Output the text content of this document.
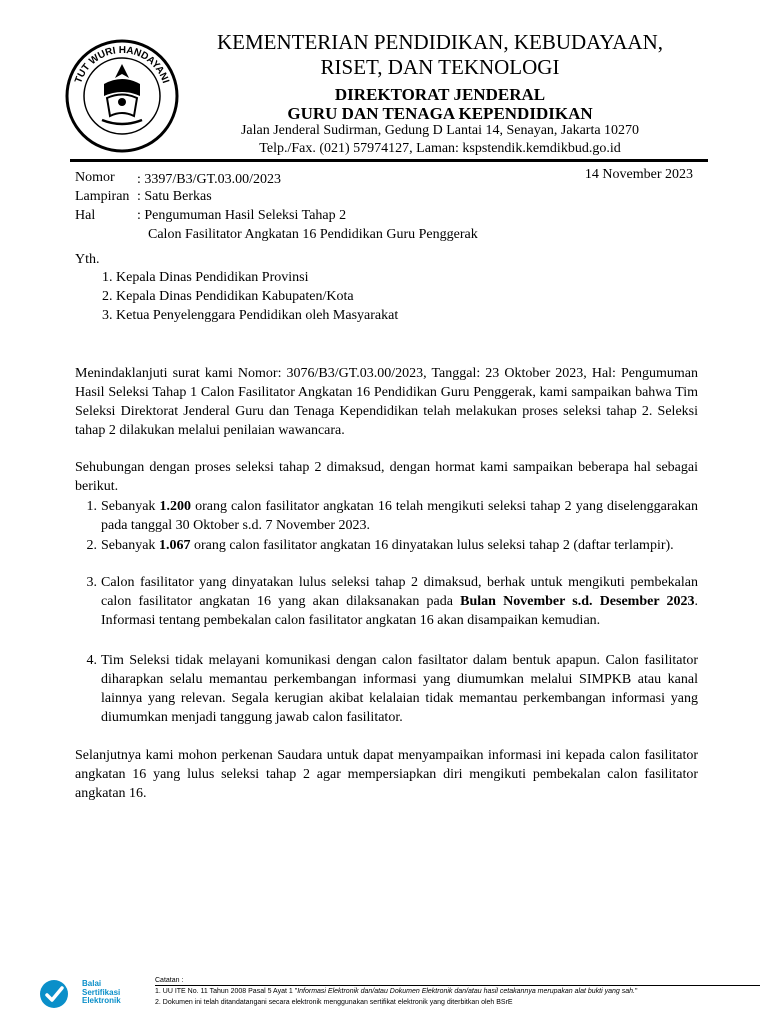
TUT WURI HANDAYANI
KEMENTERIAN PENDIDIKAN, KEBUDAYAAN,
RISET, DAN TEKNOLOGI
DIREKTORAT JENDERAL
GURU DAN TENAGA KEPENDIDIKAN
Jalan Jenderal Sudirman, Gedung D Lantai 14, Senayan, Jakarta 10270
Telp./Fax. (021) 57974127, Laman: kspstendik.kemdikbud.go.id
Nomor : 3397/B3/GT.03.00/2023
Lampiran : Satu Berkas
Hal	: Pengumuman Hasil Seleksi Tahap 2
Calon Fasilitator Angkatan 16 Pendidikan Guru Penggerak
14 November 2023
Yth.
1. Kepala Dinas Pendidikan Provinsi
2. Kepala Dinas Pendidikan Kabupaten/Kota
3. Ketua Penyelenggara Pendidikan oleh Masyarakat
Menindaklanjuti surat kami Nomor: 3076/B3/GT.03.00/2023, Tanggal: 23 Oktober 2023, Hal: Pengumuman Hasil Seleksi Tahap 1 Calon Fasilitator Angkatan 16 Pendidikan Guru Penggerak, kami sampaikan bahwa Tim Seleksi Direktorat Jenderal Guru dan Tenaga Kependidikan telah melakukan proses seleksi tahap 2. Seleksi tahap 2 dilakukan melalui penilaian wawancara.
Sehubungan dengan proses seleksi tahap 2 dimaksud, dengan hormat kami sampaikan beberapa hal sebagai berikut.
1. Sebanyak 1.200 orang calon fasilitator angkatan 16 telah mengikuti seleksi tahap 2 yang diselenggarakan pada tanggal 30 Oktober s.d. 7 November 2023.
2. Sebanyak 1.067 orang calon fasilitator angkatan 16 dinyatakan lulus seleksi tahap 2 (daftar terlampir).
3. Calon fasilitator yang dinyatakan lulus seleksi tahap 2 dimaksud, berhak untuk mengikuti pembekalan calon fasilitator angkatan 16 yang akan dilaksanakan pada Bulan November s.d. Desember 2023. Informasi tentang pembekalan calon fasilitator angkatan 16 akan disampaikan kemudian.
4. Tim Seleksi tidak melayani komunikasi dengan calon fasiltator dalam bentuk apapun. Calon fasilitator diharapkan selalu memantau perkembangan informasi yang diumumkan melalui SIMPKB atau kanal lainnya yang relevan. Segala kerugian akibat kelalaian tidak memantau perkembangan informasi yang diumumkan menjadi tanggung jawab calon fasilitator.
Selanjutnya kami mohon perkenan Saudara untuk dapat menyampaikan informasi ini kepada calon fasilitator angkatan 16 yang lulus seleksi tahap 2 agar mempersiapkan diri mengikuti pembekalan calon fasilitator angkatan 16.
Balai
Sertifikasi
Elektronik
Catatan :
1. UU ITE No. 11 Tahun 2008 Pasal 5 Ayat 1 "Informasi Elektronik dan/atau Dokumen Elektronik dan/atau hasil cetakannya merupakan alat bukti yang sah."
2. Dokumen ini telah ditandatangani secara elektronik menggunakan sertifikat elektronik yang diterbitkan oleh BSrE
